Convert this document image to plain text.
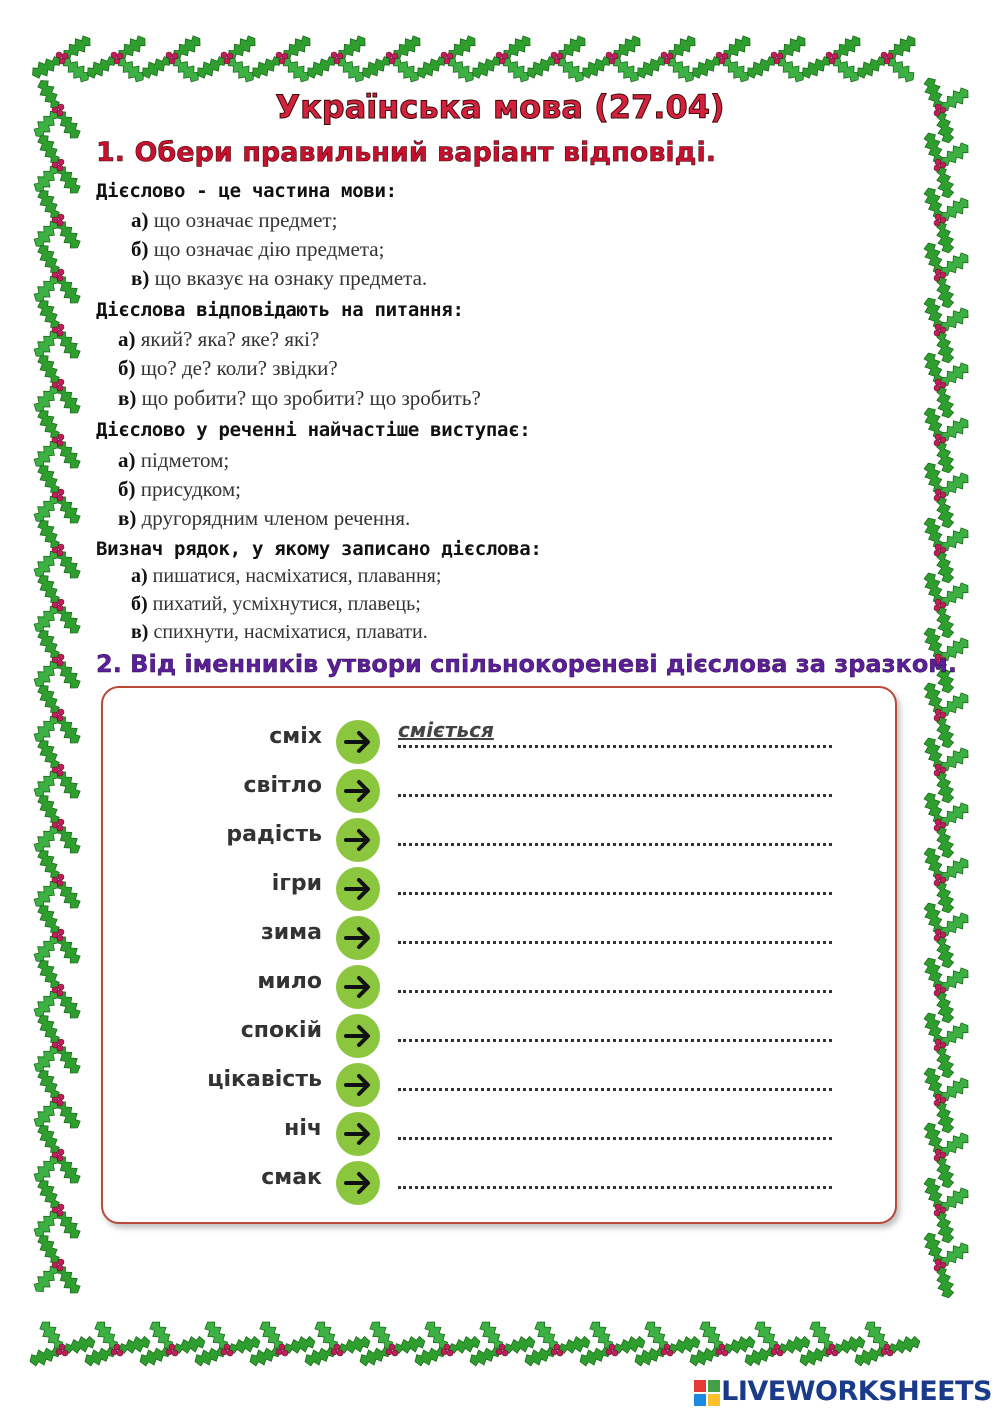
Українська мова (27.04)
1. Обери правильний варіант відповіді.

Дієслово - це частина мови:

а) що означає предмет;

б) що означає дію предмета;

в) що вказує на ознаку предмета.

Дієслова відповідають на питання:

а) який? яка? яке? які?

б) що? де? коли? звідки?

в) що робити? що зробити? що зробить?

Дієслово у реченні найчастіше виступає:

а) підметом;

б) присудком;

в) другорядним членом речення.

Визнач рядок, у якому записано дієслова:

а) пишатися, насміхатися, плавання;

б) пихатий, усміхнутися, плавець;

в) спихнути, насміхатися, плавати.

2. Від іменників утвори спільнокореневі дієслова за зразком.
сміх	сміється
світло
радість
ігри
зима
мило
спокій
цікавість
ніч
смак
LIVEWORKSHEETS
